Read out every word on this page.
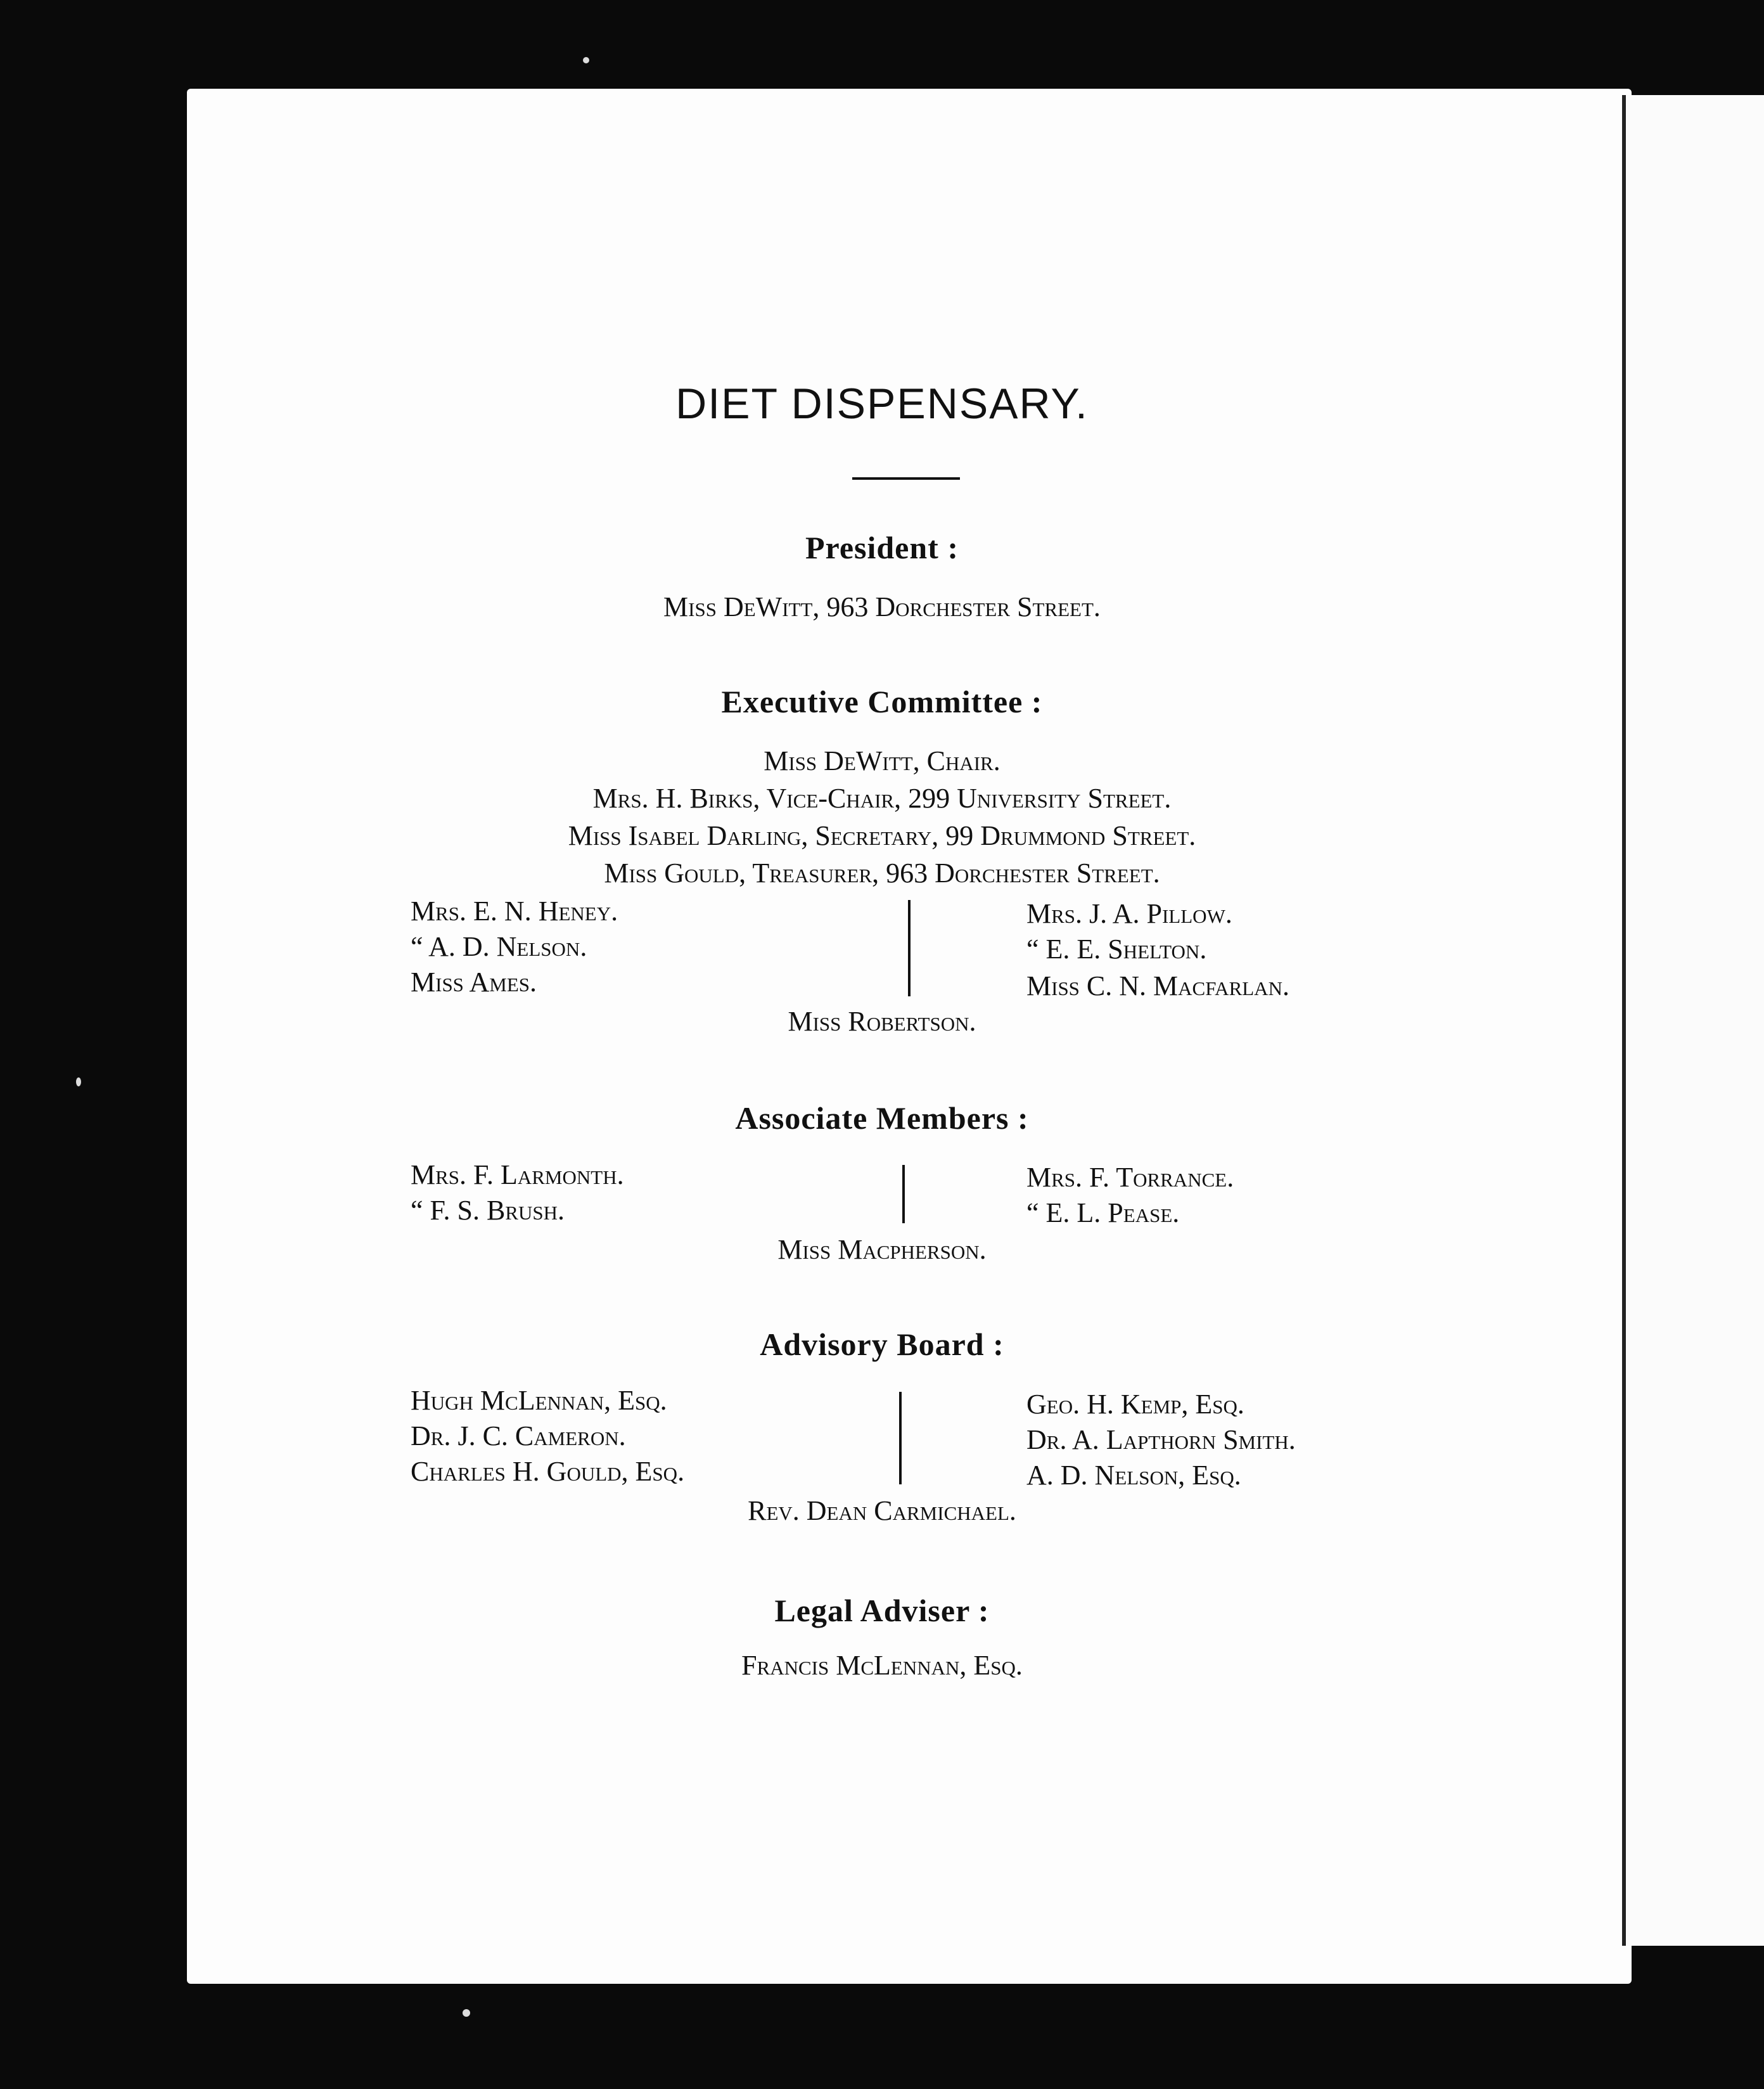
DIET DISPENSARY.
President :
Miss DeWitt, 963 Dorchester Street.
Executive Committee :
Miss DeWitt, Chair.
Mrs. H. Birks, Vice-Chair, 299 University Street.
Miss Isabel Darling, Secretary, 99 Drummond Street.
Miss Gould, Treasurer, 963 Dorchester Street.
Mrs. E. N. Heney.
“ A. D. Nelson.
Miss Ames.
Mrs. J. A. Pillow.
“ E. E. Shelton.
Miss C. N. Macfarlan.
Miss Robertson.
Associate Members :
Mrs. F. Larmonth.
“ F. S. Brush.
Mrs. F. Torrance.
“ E. L. Pease.
Miss Macpherson.
Advisory Board :
Hugh McLennan, Esq.
Dr. J. C. Cameron.
Charles H. Gould, Esq.
Geo. H. Kemp, Esq.
Dr. A. Lapthorn Smith.
A. D. Nelson, Esq.
Rev. Dean Carmichael.
Legal Adviser :
Francis McLennan, Esq.
